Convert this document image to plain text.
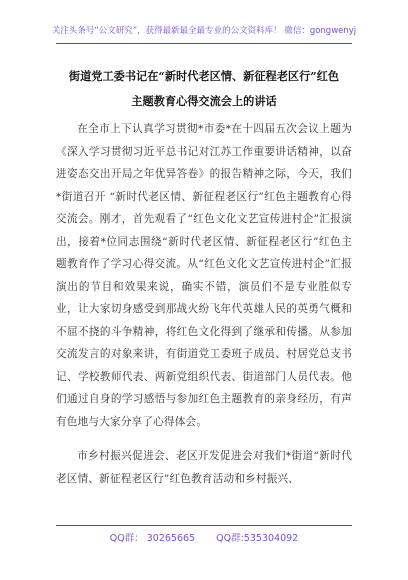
关注头条号“公文研究”，获得最新最全最专业的公文资料库！ 微信：gongwenyj
街道党工委书记在“新时代老区情、新征程老区行”红色
主题教育心得交流会上的讲话

在全市上下认真学习贯彻*市委*在十四届五次会议上题为《深入学习贯彻习近平总书记对江苏工作重要讲话精神，以奋进姿态交出开局之年优异答卷》的报告精神之际，今天，我们*街道召开 “新时代老区情、新征程老区行”红色主题教育心得交流会。刚才，首先观看了“红色文化文艺宣传进村企”汇报演出，接着*位同志围绕“新时代老区情、新征程老区行”红色主题教育作了学习心得交流。从“红色文化文艺宣传进村企”汇报演出的节目和效果来说，确实不错，演员们不是专业胜似专业，让大家切身感受到那战火纷飞年代英雄人民的英勇气概和不屈不挠的斗争精神，将红色文化得到了继承和传播。从参加交流发言的对象来讲，有街道党工委班子成员、村居党总支书记、学校教师代表、两新党组织代表、街道部门人员代表。他们通过自身的学习感悟与参加红色主题教育的亲身经历，有声有色地与大家分享了心得体会。

市乡村振兴促进会、老区开发促进会对我们*街道“新时代老区情、新征程老区行”红色教育活动和乡村振兴、

QQ群： 30265665 QQ群:535304092
